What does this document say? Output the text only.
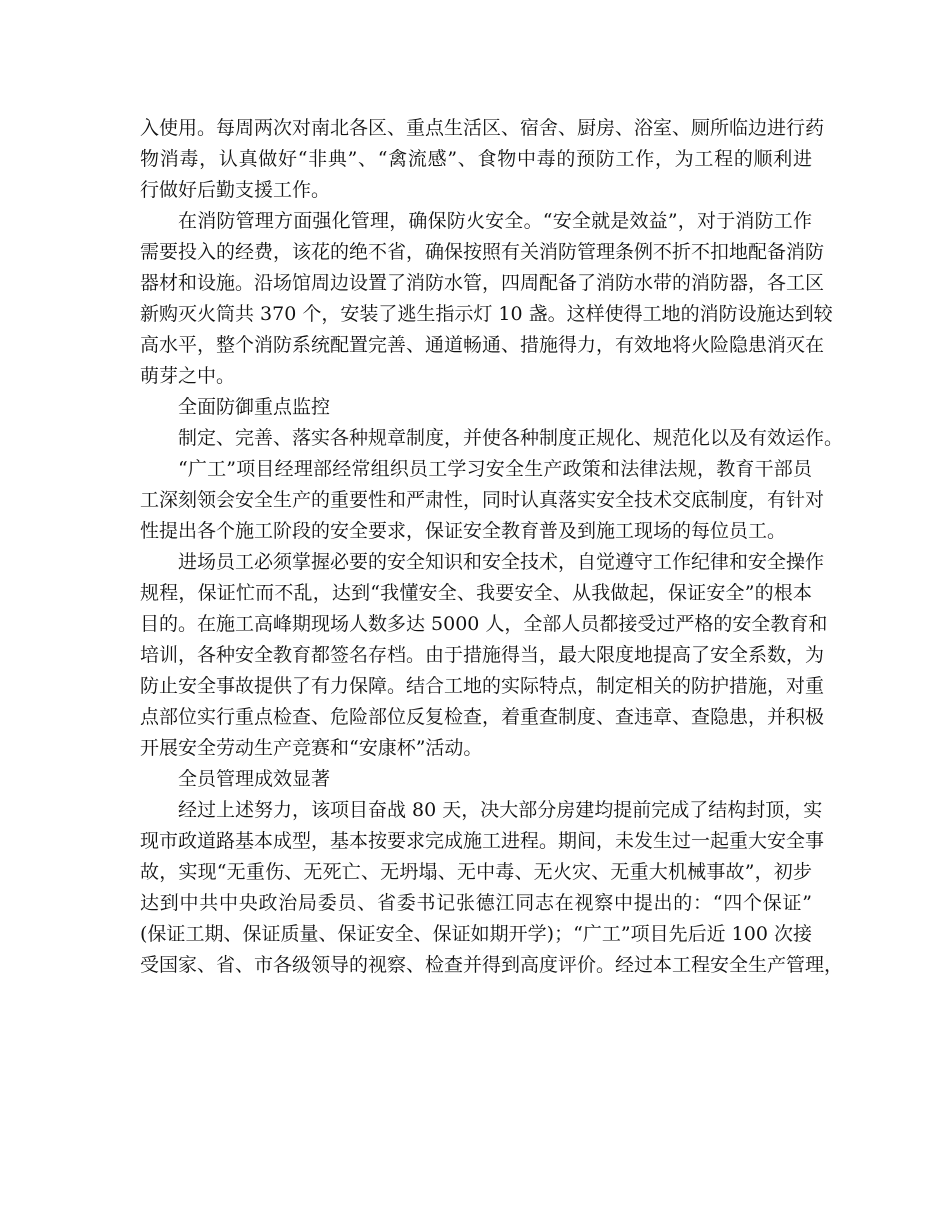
入使用。每周两次对南北各区、重点生活区、宿舍、厨房、浴室、厕所临边进行药
物消毒，认真做好“非典”、“禽流感”、食物中毒的预防工作，为工程的顺利进
行做好后勤支援工作。
在消防管理方面强化管理，确保防火安全。“安全就是效益”，对于消防工作
需要投入的经费，该花的绝不省，确保按照有关消防管理条例不折不扣地配备消防
器材和设施。沿场馆周边设置了消防水管，四周配备了消防水带的消防器，各工区
新购灭火筒共 370 个，安装了逃生指示灯 10 盏。这样使得工地的消防设施达到较
高水平，整个消防系统配置完善、通道畅通、措施得力，有效地将火险隐患消灭在
萌芽之中。
全面防御重点监控
制定、完善、落实各种规章制度，并使各种制度正规化、规范化以及有效运作。
“广工”项目经理部经常组织员工学习安全生产政策和法律法规，教育干部员
工深刻领会安全生产的重要性和严肃性，同时认真落实安全技术交底制度，有针对
性提出各个施工阶段的安全要求，保证安全教育普及到施工现场的每位员工。
进场员工必须掌握必要的安全知识和安全技术，自觉遵守工作纪律和安全操作
规程，保证忙而不乱，达到“我懂安全、我要安全、从我做起，保证安全”的根本
目的。在施工高峰期现场人数多达 5000 人，全部人员都接受过严格的安全教育和
培训，各种安全教育都签名存档。由于措施得当，最大限度地提高了安全系数，为
防止安全事故提供了有力保障。结合工地的实际特点，制定相关的防护措施，对重
点部位实行重点检查、危险部位反复检查，着重查制度、查违章、查隐患，并积极
开展安全劳动生产竞赛和“安康杯”活动。
全员管理成效显著
经过上述努力，该项目奋战 80 天，决大部分房建均提前完成了结构封顶，实
现市政道路基本成型，基本按要求完成施工进程。期间，未发生过一起重大安全事
故，实现“无重伤、无死亡、无坍塌、无中毒、无火灾、无重大机械事故”，初步
达到中共中央政治局委员、省委书记张德江同志在视察中提出的：“四个保证”
(保证工期、保证质量、保证安全、保证如期开学)；“广工”项目先后近 100 次接
受国家、省、市各级领导的视察、检查并得到高度评价。经过本工程安全生产管理，
